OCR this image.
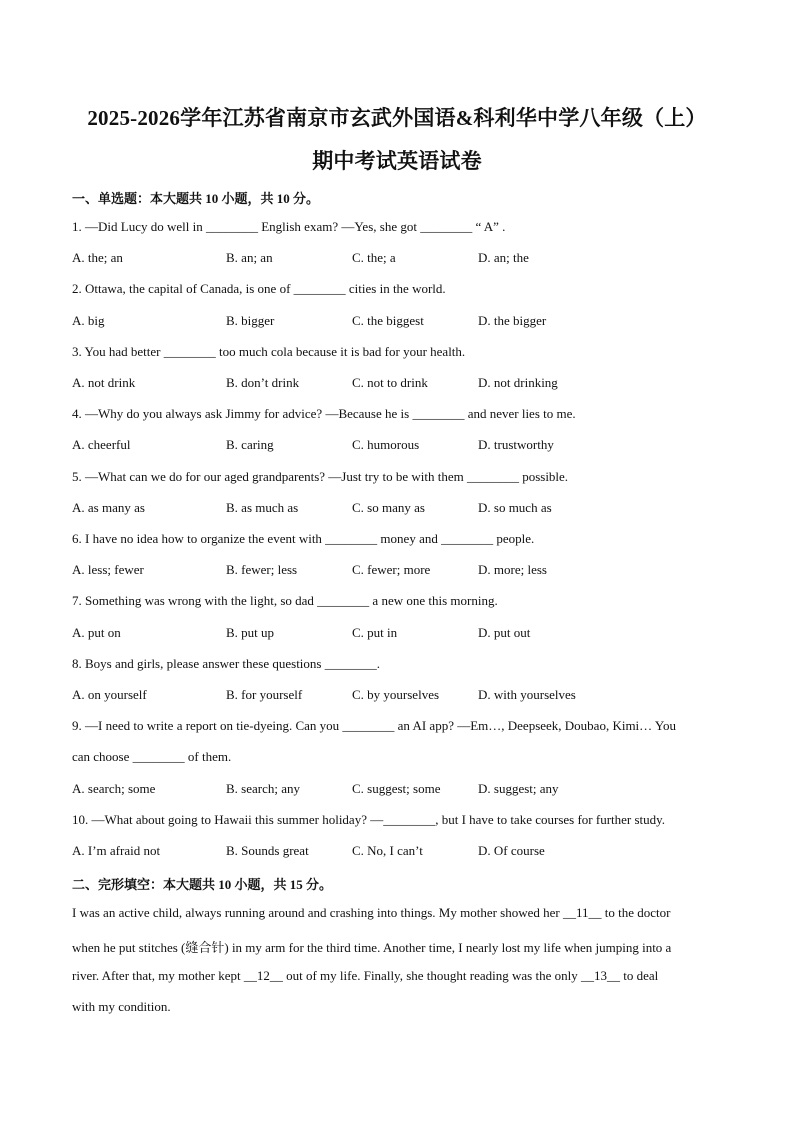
2025-2026学年江苏省南京市玄武外国语&科利华中学八年级（上）
期中考试英语试卷
一、单选题：本大题共 10 小题，共 10 分。
1. —Did Lucy do well in ________ English exam? —Yes, she got ________ “ A” .
A. the; an	B. an; an	C. the; a	D. an; the
2. Ottawa, the capital of Canada, is one of ________ cities in the world.
A. big	B. bigger	C. the biggest	D. the bigger
3. You had better ________ too much cola because it is bad for your health.
A. not drink	B. don’t drink	C. not to drink	D. not drinking
4. —Why do you always ask Jimmy for advice? —Because he is ________ and never lies to me.
A. cheerful	B. caring	C. humorous	D. trustworthy
5. —What can we do for our aged grandparents? —Just try to be with them ________ possible.
A. as many as	B. as much as	C. so many as	D. so much as
6. I have no idea how to organize the event with ________ money and ________ people.
A. less; fewer	B. fewer; less	C. fewer; more	D. more; less
7. Something was wrong with the light, so dad ________ a new one this morning.
A. put on	B. put up	C. put in	D. put out
8. Boys and girls, please answer these questions ________.
A. on yourself	B. for yourself	C. by yourselves	D. with yourselves
9. —I need to write a report on tie-dyeing. Can you ________ an AI app? —Em…, Deepseek, Doubao, Kimi… You
can choose ________ of them.
A. search; some	B. search; any	C. suggest; some	D. suggest; any
10. —What about going to Hawaii this summer holiday? —________, but I have to take courses for further study.
A. I’m afraid not	B. Sounds great	C. No, I can’t	D. Of course
二、完形填空：本大题共 10 小题，共 15 分。
I was an active child, always running around and crashing into things. My mother showed her __11__ to the doctor
when he put stitches (缝合针) in my arm for the third time. Another time, I nearly lost my life when jumping into a
river. After that, my mother kept __12__ out of my life. Finally, she thought reading was the only __13__ to deal
with my condition.
